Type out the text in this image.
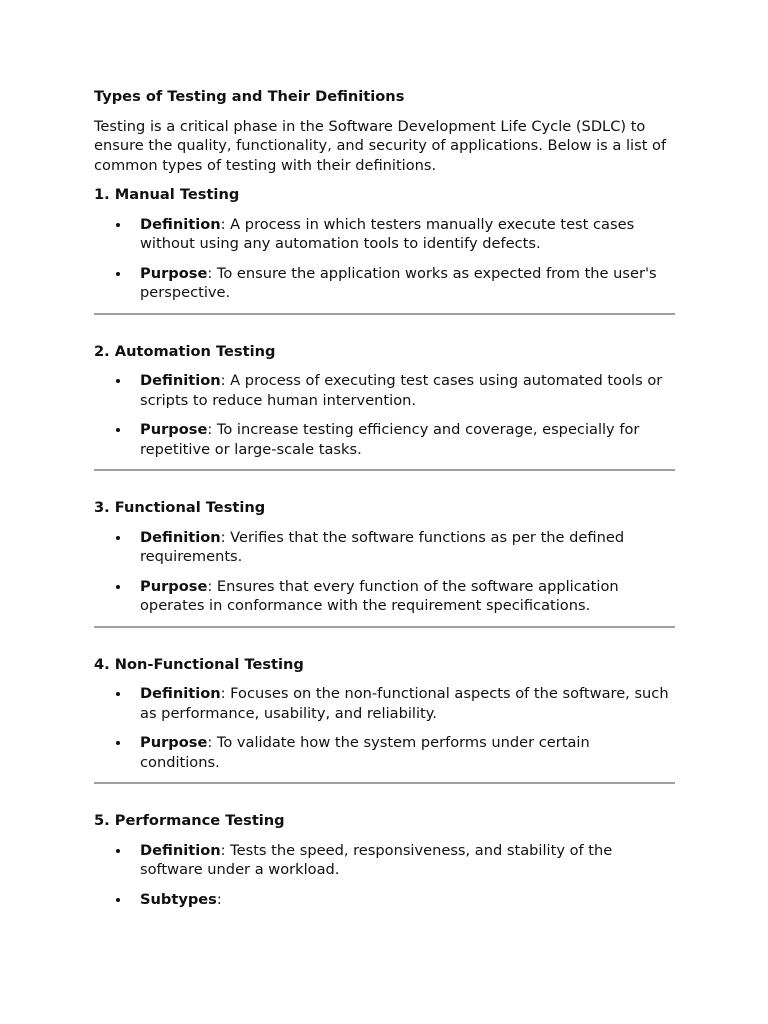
Types of Testing and Their Definitions
Testing is a critical phase in the Software Development Life Cycle (SDLC) to ensure the quality, functionality, and security of applications. Below is a list of common types of testing with their definitions.
1. Manual Testing
Definition: A process in which testers manually execute test cases without using any automation tools to identify defects.
Purpose: To ensure the application works as expected from the user's perspective.
2. Automation Testing
Definition: A process of executing test cases using automated tools or scripts to reduce human intervention.
Purpose: To increase testing efficiency and coverage, especially for repetitive or large-scale tasks.
3. Functional Testing
Definition: Verifies that the software functions as per the defined requirements.
Purpose: Ensures that every function of the software application operates in conformance with the requirement specifications.
4. Non-Functional Testing
Definition: Focuses on the non-functional aspects of the software, such as performance, usability, and reliability.
Purpose: To validate how the system performs under certain conditions.
5. Performance Testing
Definition: Tests the speed, responsiveness, and stability of the software under a workload.
Subtypes:
